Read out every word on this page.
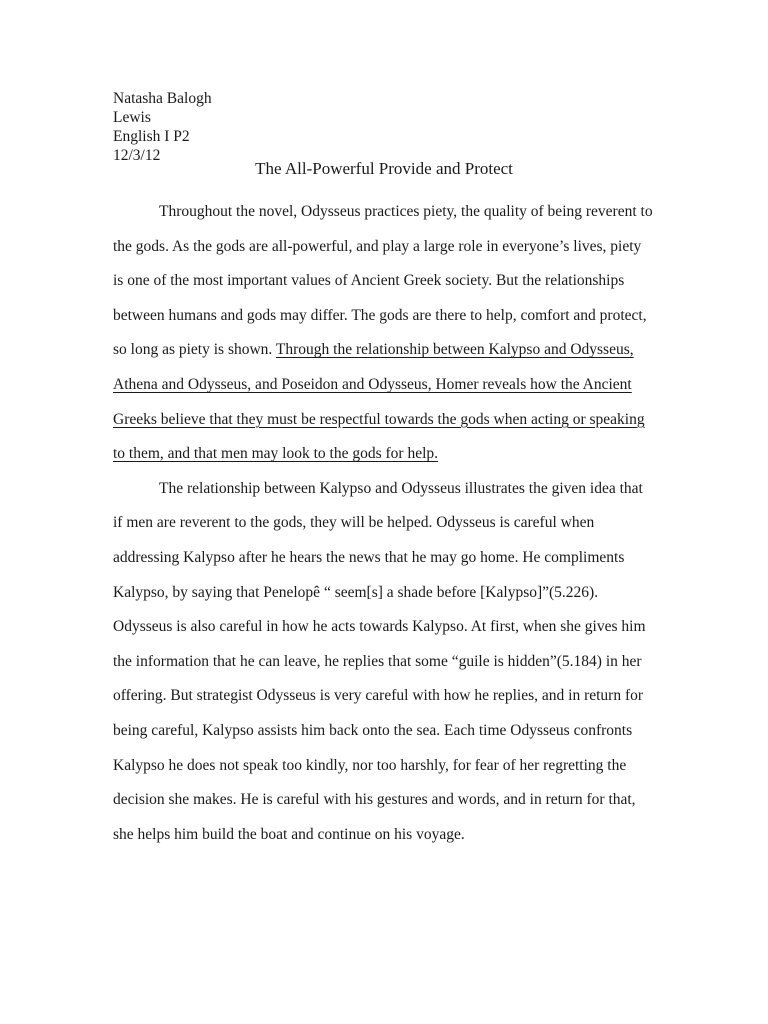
Natasha Balogh
Lewis
English I P2
12/3/12
The All-Powerful Provide and Protect

Throughout the novel, Odysseus practices piety, the quality of being reverent to the gods. As the gods are all-powerful, and play a large role in everyone’s lives, piety is one of the most important values of Ancient Greek society. But the relationships between humans and gods may differ. The gods are there to help, comfort and protect, so long as piety is shown. Through the relationship between Kalypso and Odysseus, Athena and Odysseus, and Poseidon and Odysseus, Homer reveals how the Ancient Greeks believe that they must be respectful towards the gods when acting or speaking to them, and that men may look to the gods for help.

The relationship between Kalypso and Odysseus illustrates the given idea that if men are reverent to the gods, they will be helped. Odysseus is careful when addressing Kalypso after he hears the news that he may go home. He compliments Kalypso, by saying that Penelopê “ seem[s] a shade before [Kalypso]”(5.226). Odysseus is also careful in how he acts towards Kalypso. At first, when she gives him the information that he can leave, he replies that some “guile is hidden”(5.184) in her offering. But strategist Odysseus is very careful with how he replies, and in return for being careful, Kalypso assists him back onto the sea. Each time Odysseus confronts Kalypso he does not speak too kindly, nor too harshly, for fear of her regretting the decision she makes. He is careful with his gestures and words, and in return for that, she helps him build the boat and continue on his voyage.
